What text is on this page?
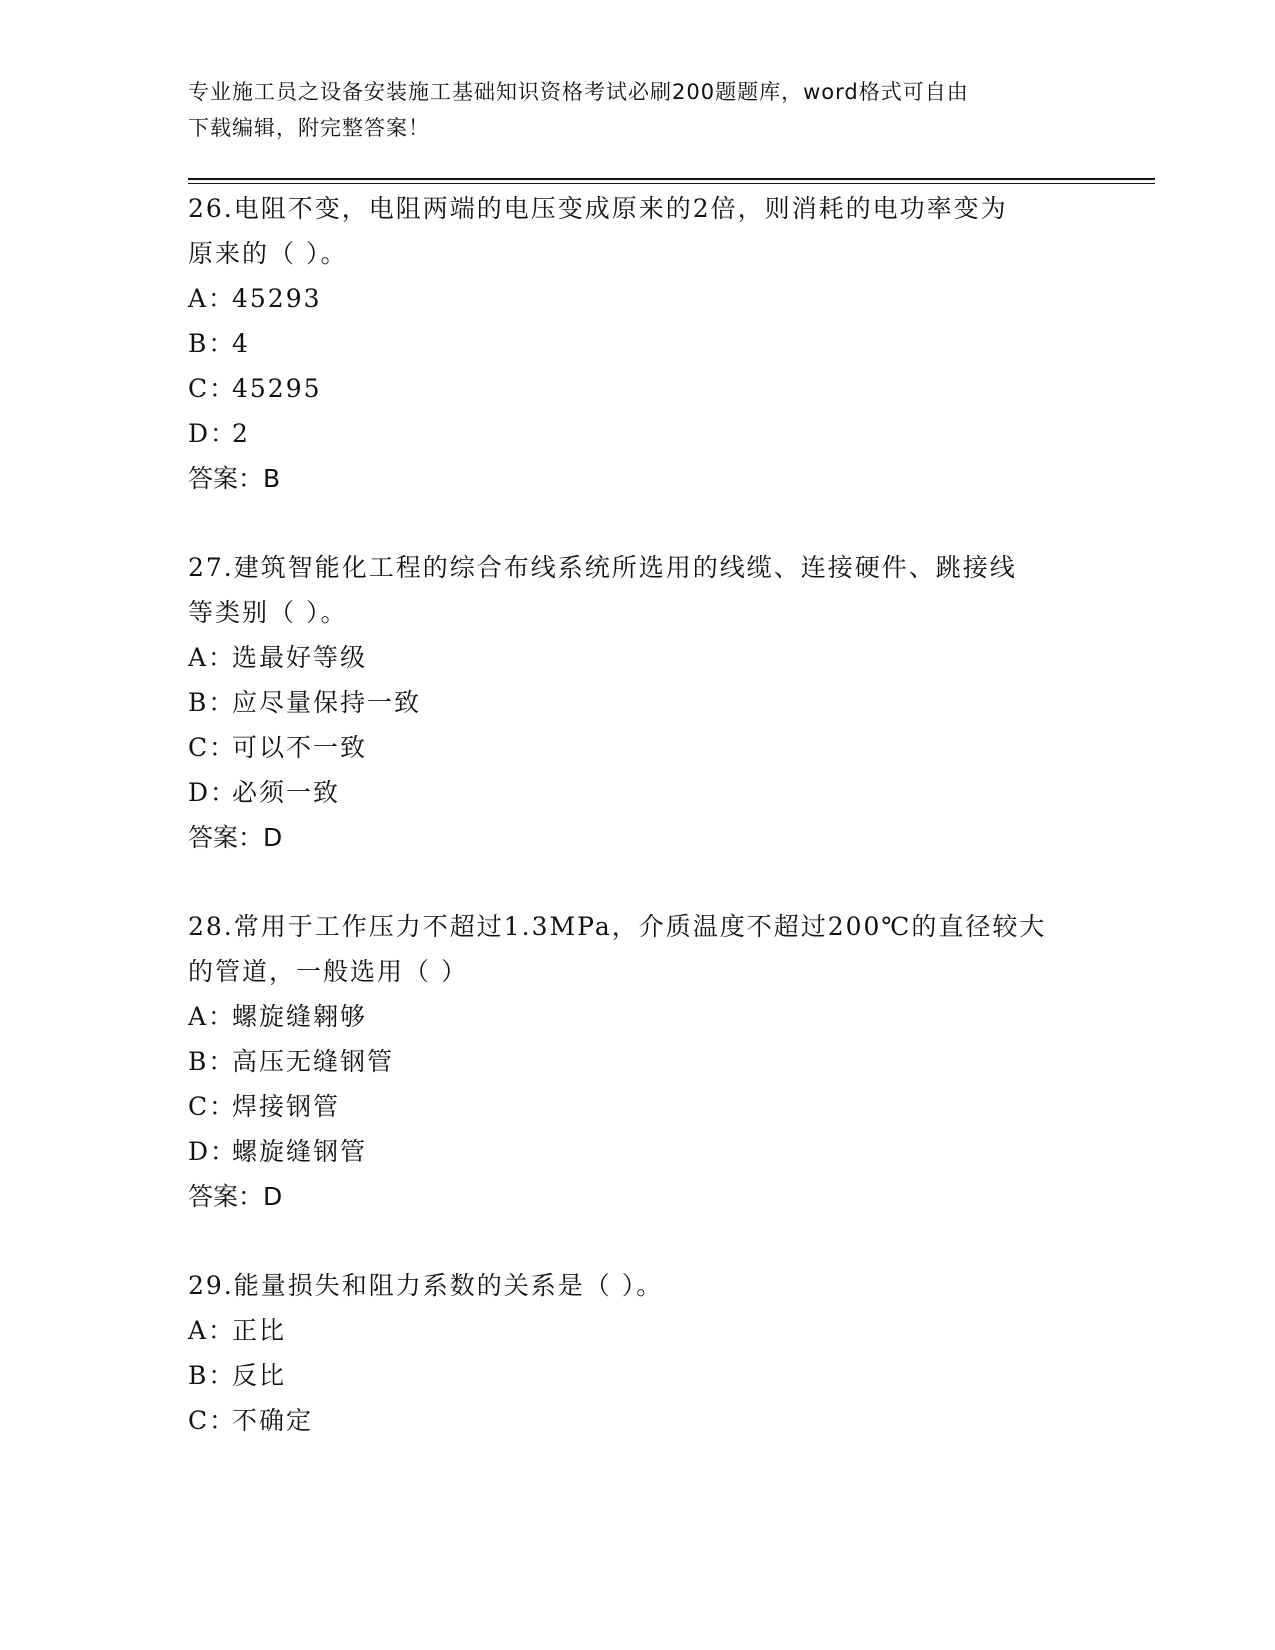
专业施工员之设备安装施工基础知识资格考试必刷200题题库，word格式可自由
下载编辑，附完整答案！

26.电阻不变，电阻两端的电压变成原来的2倍，则消耗的电功率变为

原来的（ ）。

A：
45293

B：
4

C：
45295

D：
2

答案：B

27.建筑智能化工程的综合布线系统所选用的线缆、连接硬件、跳接线

等类别（ ）。

A：
选最好等级

B：
应尽量保持一致

C：
可以不一致

D：
必须一致

答案：D

28.常用于工作压力不超过1.3MPa，介质温度不超过200℃的直径较大

的管道，一般选用（ ）

A：
螺旋缝翱够

B：
高压无缝钢管

C：
焊接钢管

D：
螺旋缝钢管

答案：D

29.能量损失和阻力系数的关系是（ ）。

A：
正比

B：
反比

C：
不确定
